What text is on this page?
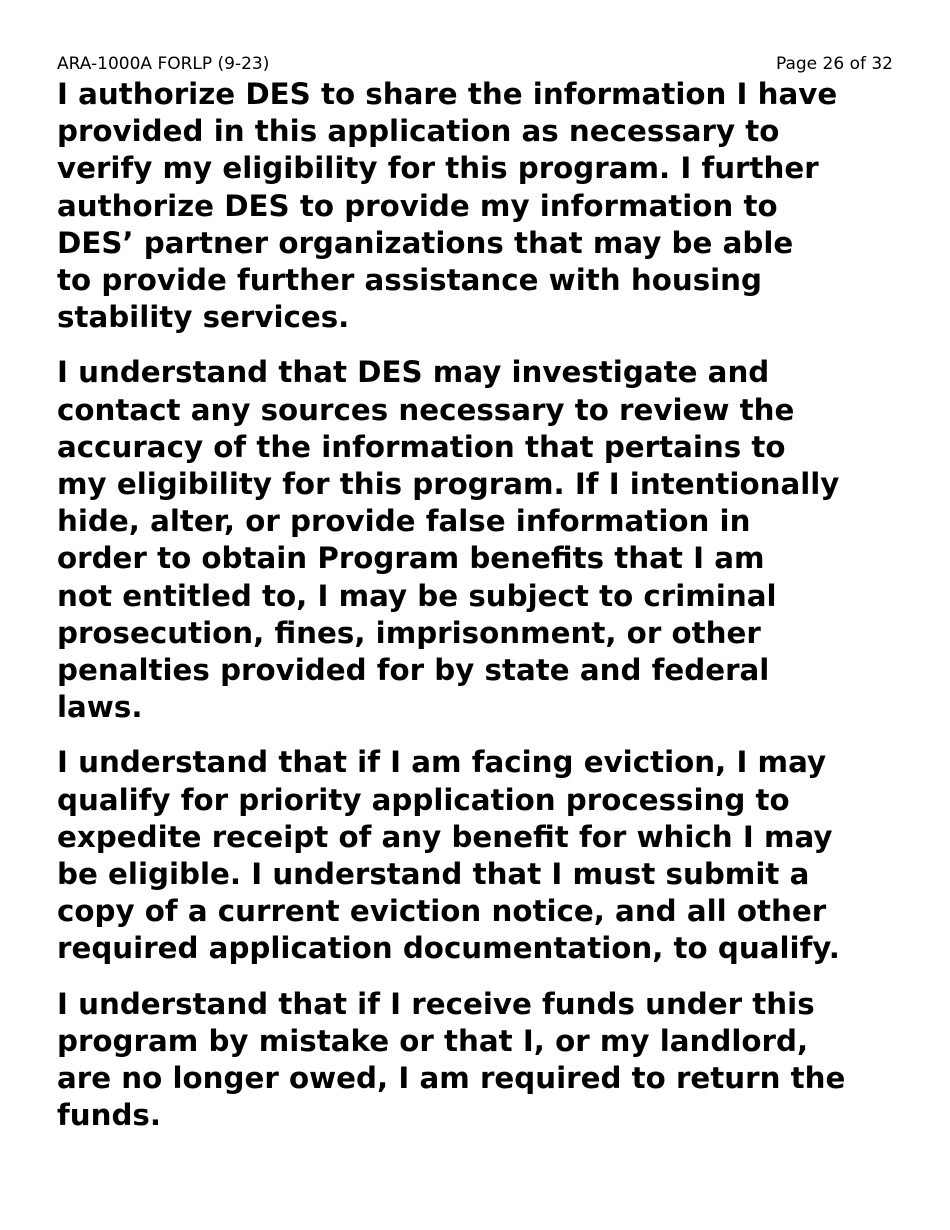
ARA-1000A FORLP (9-23)	Page 26 of 32

I authorize DES to share the information I have
provided in this application as necessary to
verify my eligibility for this program. I further
authorize DES to provide my information to
DES’ partner organizations that may be able
to provide further assistance with housing
stability services.

I understand that DES may investigate and
contact any sources necessary to review the
accuracy of the information that pertains to
my eligibility for this program. If I intentionally
hide, alter, or provide false information in
order to obtain Program benefits that I am
not entitled to, I may be subject to criminal
prosecution, fines, imprisonment, or other
penalties provided for by state and federal
laws.

I understand that if I am facing eviction, I may
qualify for priority application processing to
expedite receipt of any benefit for which I may
be eligible. I understand that I must submit a
copy of a current eviction notice, and all other
required application documentation, to qualify.

I understand that if I receive funds under this
program by mistake or that I, or my landlord,
are no longer owed, I am required to return the
funds.
